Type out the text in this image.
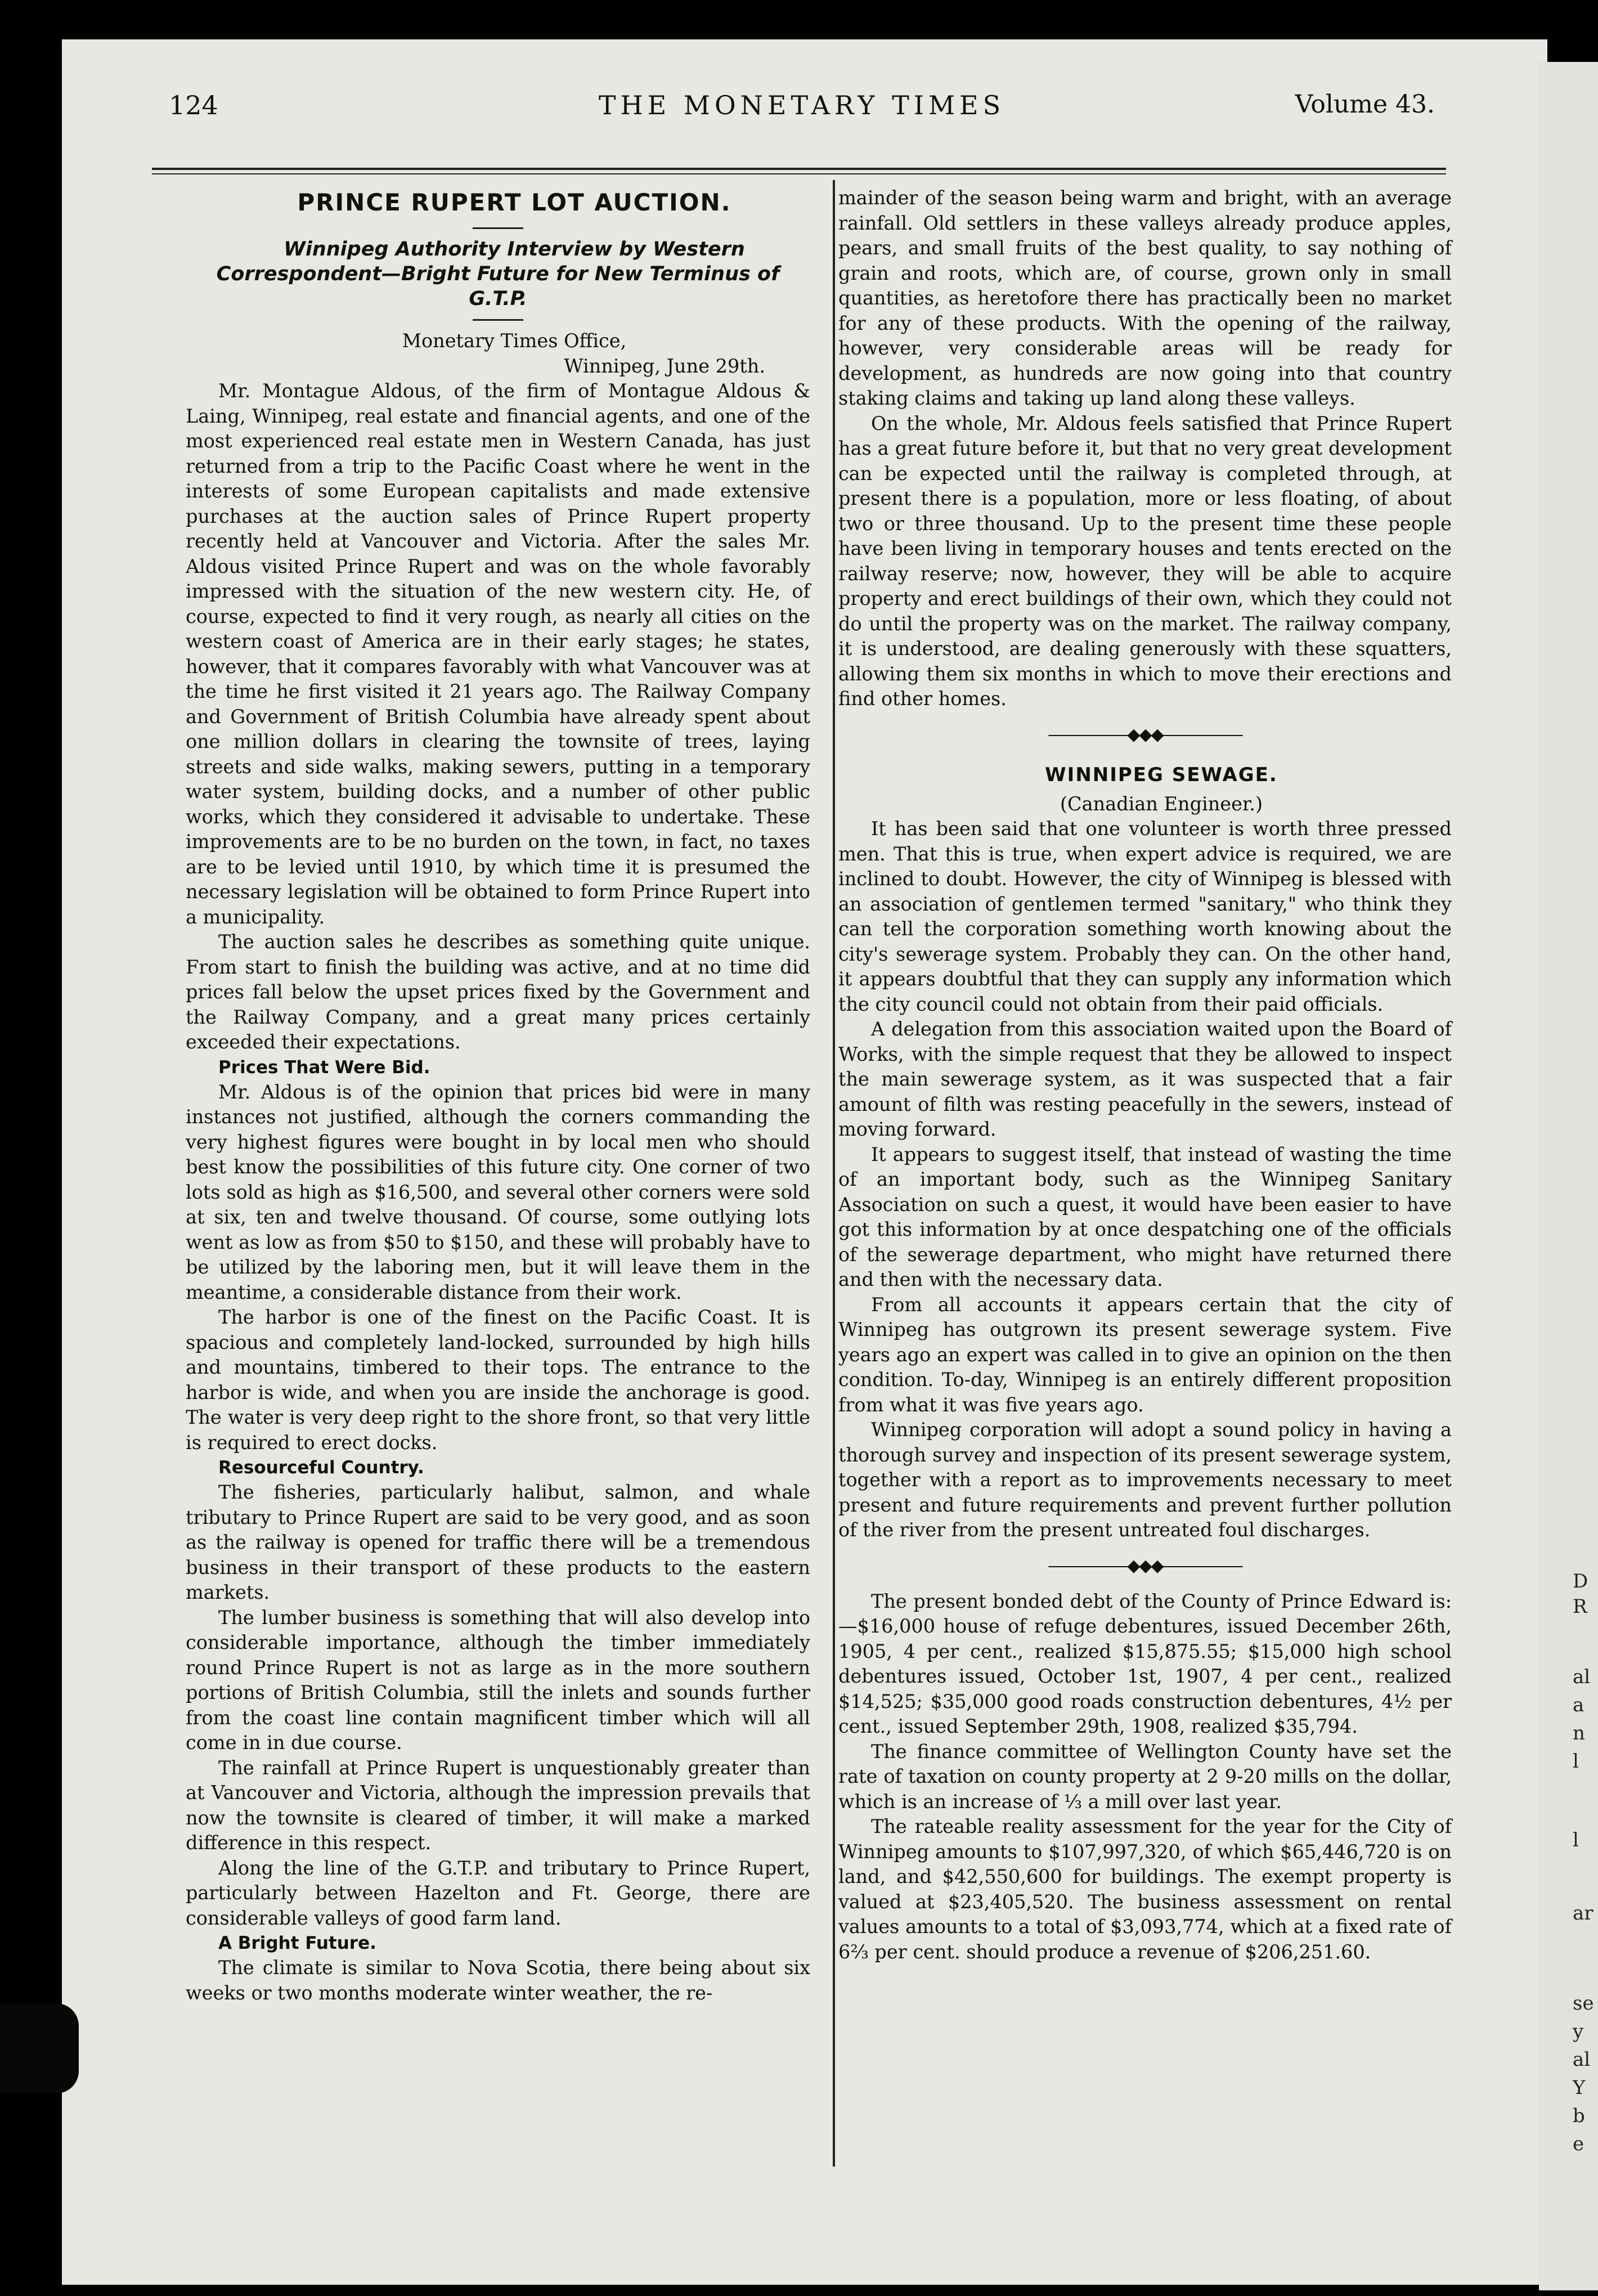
D
R
al
a
n
l
l
ar
se
y
al
Y
b
e
124	THE MONETARY TIMES	Volume 43.

PRINCE RUPERT LOT AUCTION.

Winnipeg Authority Interview by Western Correspondent—Bright Future for New Terminus of G.T.P.

Monetary Times Office,

Winnipeg, June 29th.

Mr. Montague Aldous, of the firm of Montague Aldous & Laing, Winnipeg, real estate and financial agents, and one of the most experienced real estate men in Western Canada, has just returned from a trip to the Pacific Coast where he went in the interests of some European capitalists and made extensive purchases at the auction sales of Prince Rupert property recently held at Vancouver and Victoria. After the sales Mr. Aldous visited Prince Rupert and was on the whole favorably impressed with the situation of the new western city. He, of course, expected to find it very rough, as nearly all cities on the western coast of America are in their early stages; he states, however, that it compares favorably with what Vancouver was at the time he first visited it 21 years ago. The Railway Company and Government of British Columbia have already spent about one million dollars in clearing the townsite of trees, laying streets and side walks, making sewers, putting in a temporary water system, building docks, and a number of other public works, which they considered it advisable to undertake. These improvements are to be no burden on the town, in fact, no taxes are to be levied until 1910, by which time it is presumed the necessary legislation will be obtained to form Prince Rupert into a municipality.

The auction sales he describes as something quite unique. From start to finish the building was active, and at no time did prices fall below the upset prices fixed by the Government and the Railway Company, and a great many prices certainly exceeded their expectations.

Prices That Were Bid.

Mr. Aldous is of the opinion that prices bid were in many instances not justified, although the corners commanding the very highest figures were bought in by local men who should best know the possibilities of this future city. One corner of two lots sold as high as $16,500, and several other corners were sold at six, ten and twelve thousand. Of course, some outlying lots went as low as from $50 to $150, and these will probably have to be utilized by the laboring men, but it will leave them in the meantime, a considerable distance from their work.

The harbor is one of the finest on the Pacific Coast. It is spacious and completely land-locked, surrounded by high hills and mountains, timbered to their tops. The entrance to the harbor is wide, and when you are inside the anchorage is good. The water is very deep right to the shore front, so that very little is required to erect docks.

Resourceful Country.

The fisheries, particularly halibut, salmon, and whale tributary to Prince Rupert are said to be very good, and as soon as the railway is opened for traffic there will be a tremendous business in their transport of these products to the eastern markets.

The lumber business is something that will also develop into considerable importance, although the timber immediately round Prince Rupert is not as large as in the more southern portions of British Columbia, still the inlets and sounds further from the coast line contain magnificent timber which will all come in in due course.

The rainfall at Prince Rupert is unquestionably greater than at Vancouver and Victoria, although the impression prevails that now the townsite is cleared of timber, it will make a marked difference in this respect.

Along the line of the G.T.P. and tributary to Prince Rupert, particularly between Hazelton and Ft. George, there are considerable valleys of good farm land.

A Bright Future.

The climate is similar to Nova Scotia, there being about six weeks or two months moderate winter weather, the re-

mainder of the season being warm and bright, with an average rainfall. Old settlers in these valleys already produce apples, pears, and small fruits of the best quality, to say nothing of grain and roots, which are, of course, grown only in small quantities, as heretofore there has practically been no market for any of these products. With the opening of the railway, however, very considerable areas will be ready for development, as hundreds are now going into that country staking claims and taking up land along these valleys.

On the whole, Mr. Aldous feels satisfied that Prince Rupert has a great future before it, but that no very great development can be expected until the railway is completed through, at present there is a population, more or less floating, of about two or three thousand. Up to the present time these people have been living in temporary houses and tents erected on the railway reserve; now, however, they will be able to acquire property and erect buildings of their own, which they could not do until the property was on the market. The railway company, it is understood, are dealing generously with these squatters, allowing them six months in which to move their erections and find other homes.

―――――◆◆◆―――――

WINNIPEG SEWAGE.

(Canadian Engineer.)

It has been said that one volunteer is worth three pressed men. That this is true, when expert advice is required, we are inclined to doubt. However, the city of Winnipeg is blessed with an association of gentlemen termed "sanitary," who think they can tell the corporation something worth knowing about the city's sewerage system. Probably they can. On the other hand, it appears doubtful that they can supply any information which the city council could not obtain from their paid officials.

A delegation from this association waited upon the Board of Works, with the simple request that they be allowed to inspect the main sewerage system, as it was suspected that a fair amount of filth was resting peacefully in the sewers, instead of moving forward.

It appears to suggest itself, that instead of wasting the time of an important body, such as the Winnipeg Sanitary Association on such a quest, it would have been easier to have got this information by at once despatching one of the officials of the sewerage department, who might have returned there and then with the necessary data.

From all accounts it appears certain that the city of Winnipeg has outgrown its present sewerage system. Five years ago an expert was called in to give an opinion on the then condition. To-day, Winnipeg is an entirely different proposition from what it was five years ago.

Winnipeg corporation will adopt a sound policy in having a thorough survey and inspection of its present sewerage system, together with a report as to improvements necessary to meet present and future requirements and prevent further pollution of the river from the present untreated foul discharges.

―――――◆◆◆―――――

The present bonded debt of the County of Prince Edward is:—$16,000 house of refuge debentures, issued December 26th, 1905, 4 per cent., realized $15,875.55; $15,000 high school debentures issued, October 1st, 1907, 4 per cent., realized $14,525; $35,000 good roads construction debentures, 4½ per cent., issued September 29th, 1908, realized $35,794.

The finance committee of Wellington County have set the rate of taxation on county property at 2 9-20 mills on the dollar, which is an increase of ⅓ a mill over last year.

The rateable reality assessment for the year for the City of Winnipeg amounts to $107,997,320, of which $65,446,720 is on land, and $42,550,600 for buildings. The exempt property is valued at $23,405,520. The business assessment on rental values amounts to a total of $3,093,774, which at a fixed rate of 6⅔ per cent. should produce a revenue of $206,251.60.
